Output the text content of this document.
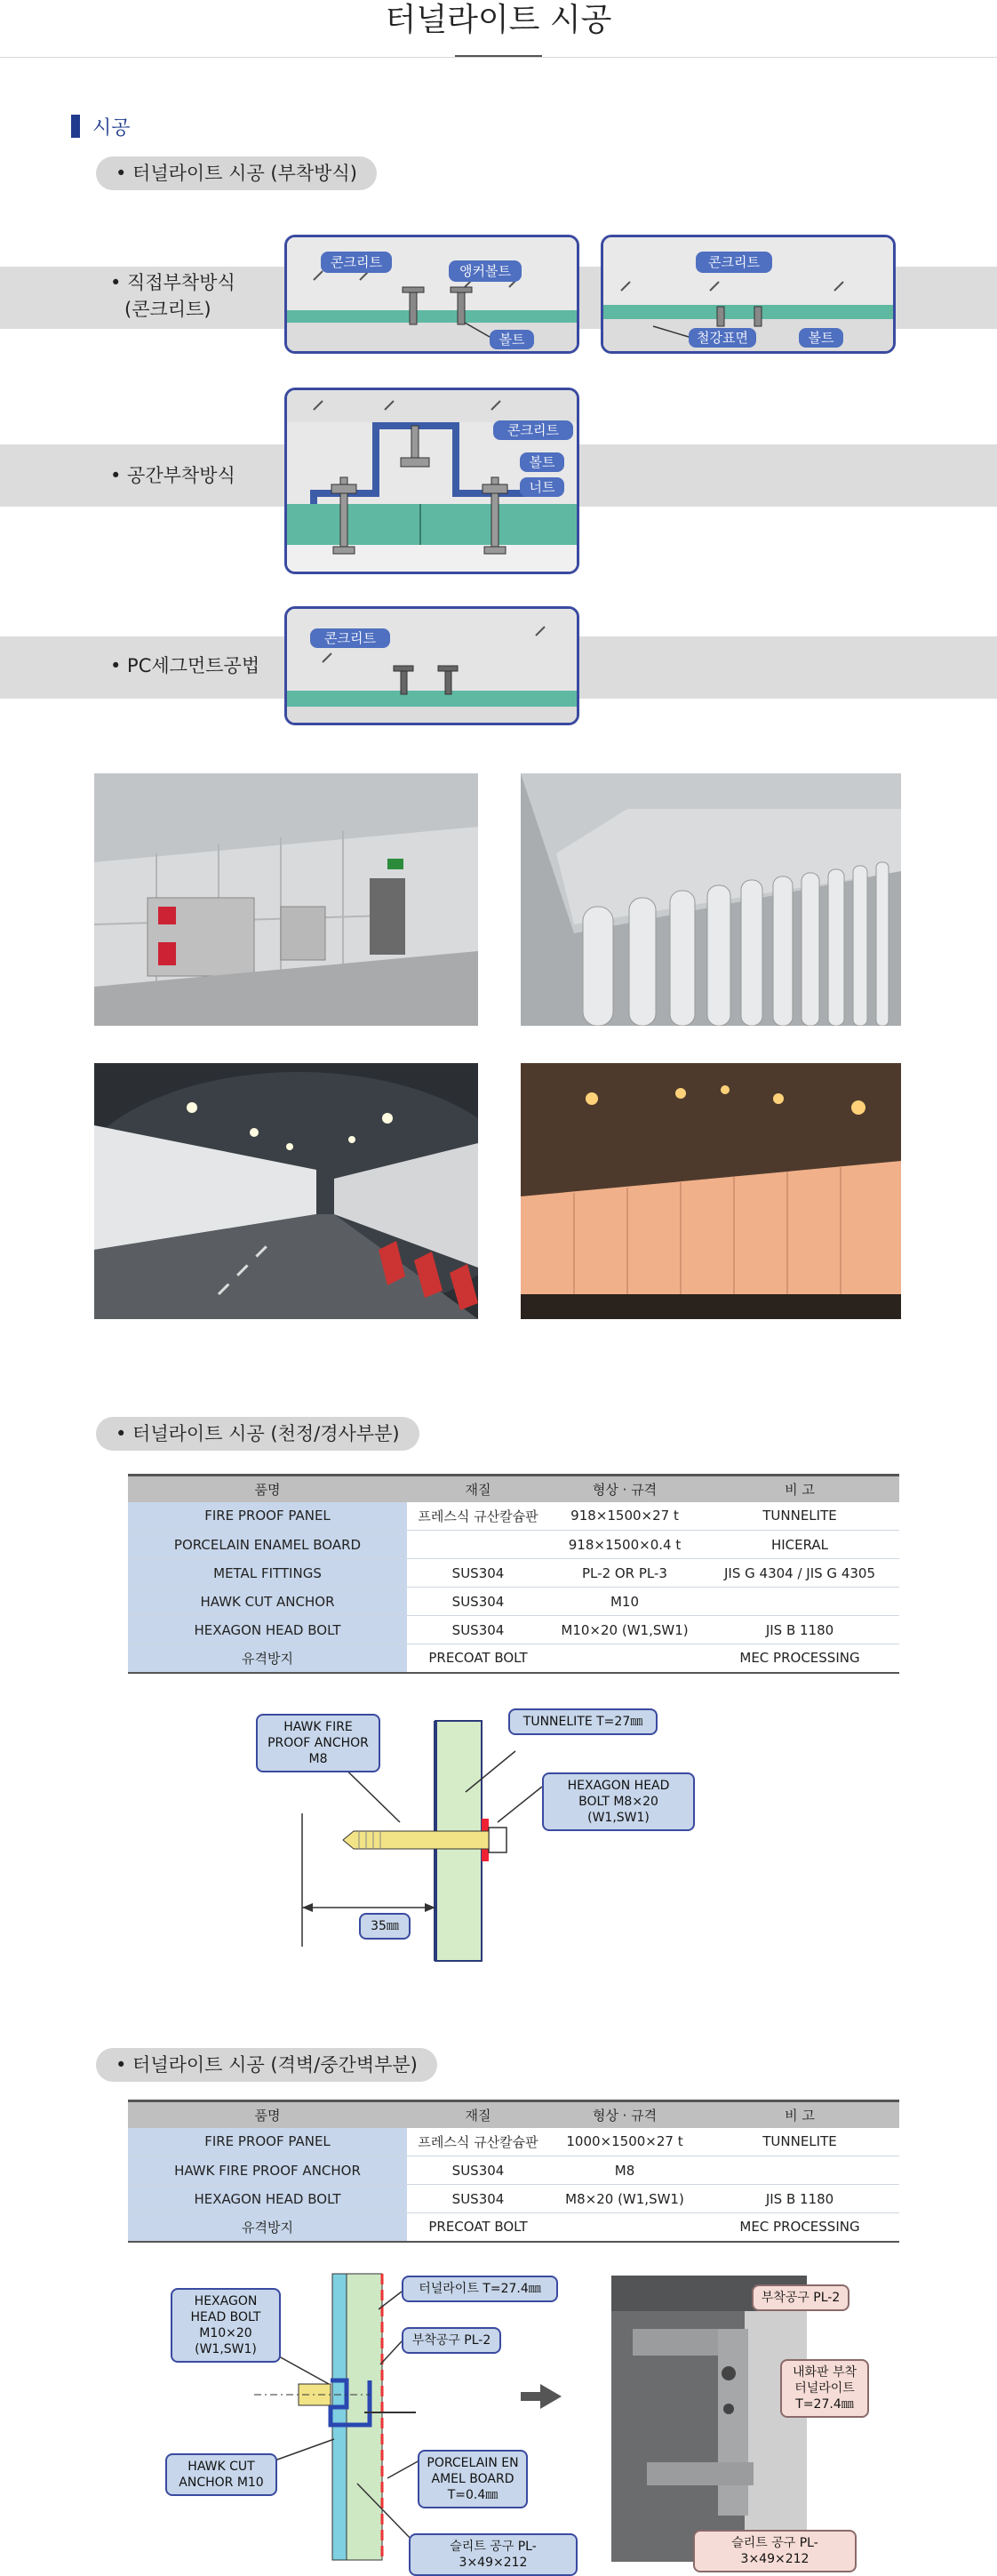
터널라이트 시공
시공
• 터널라이트 시공 (부착방식)
• 직접부착방식
(콘크리트)
콘크리트
앵커볼트
볼트
콘크리트
철강표면	볼트
• 공간부착방식
콘크리트
볼트
너트
• PC세그먼트공법
콘크리트
• 터널라이트 시공 (천정/경사부분)
품명	재질	형상 · 규격	비 고
FIRE PROOF PANEL	프레스식 규산칼슘판	918×1500×27 t	TUNNELITE
PORCELAIN ENAMEL BOARD		918×1500×0.4 t	HICERAL
METAL FITTINGS	SUS304	PL-2 OR PL-3	JIS G 4304 / JIS G 4305
HAWK CUT ANCHOR	SUS304	M10	
HEXAGON HEAD BOLT	SUS304	M10×20 (W1,SW1)	JIS B 1180
유격방지	PRECOAT BOLT		MEC PROCESSING
HAWK FIRE PROOF ANCHOR M8
TUNNELITE T=27㎜
HEXAGON HEAD BOLT M8×20 (W1,SW1)
35㎜
• 터널라이트 시공 (격벽/중간벽부분)
품명	재질	형상 · 규격	비 고
FIRE PROOF PANEL	프레스식 규산칼슘판	1000×1500×27 t	TUNNELITE
HAWK FIRE PROOF ANCHOR	SUS304	M8	
HEXAGON HEAD BOLT	SUS304	M8×20 (W1,SW1)	JIS B 1180
유격방지	PRECOAT BOLT		MEC PROCESSING
HEXAGON HEAD BOLT M10×20 (W1,SW1)
터널라이트 T=27.4㎜
부착공구 PL-2
HAWK CUT ANCHOR M10
PORCELAIN EN AMEL BOARD T=0.4㎜
슬리트 공구 PL-3×49×212
부착공구 PL-2
내화판 부착 터널라이트 T=27.4㎜
슬리트 공구 PL-3×49×212
